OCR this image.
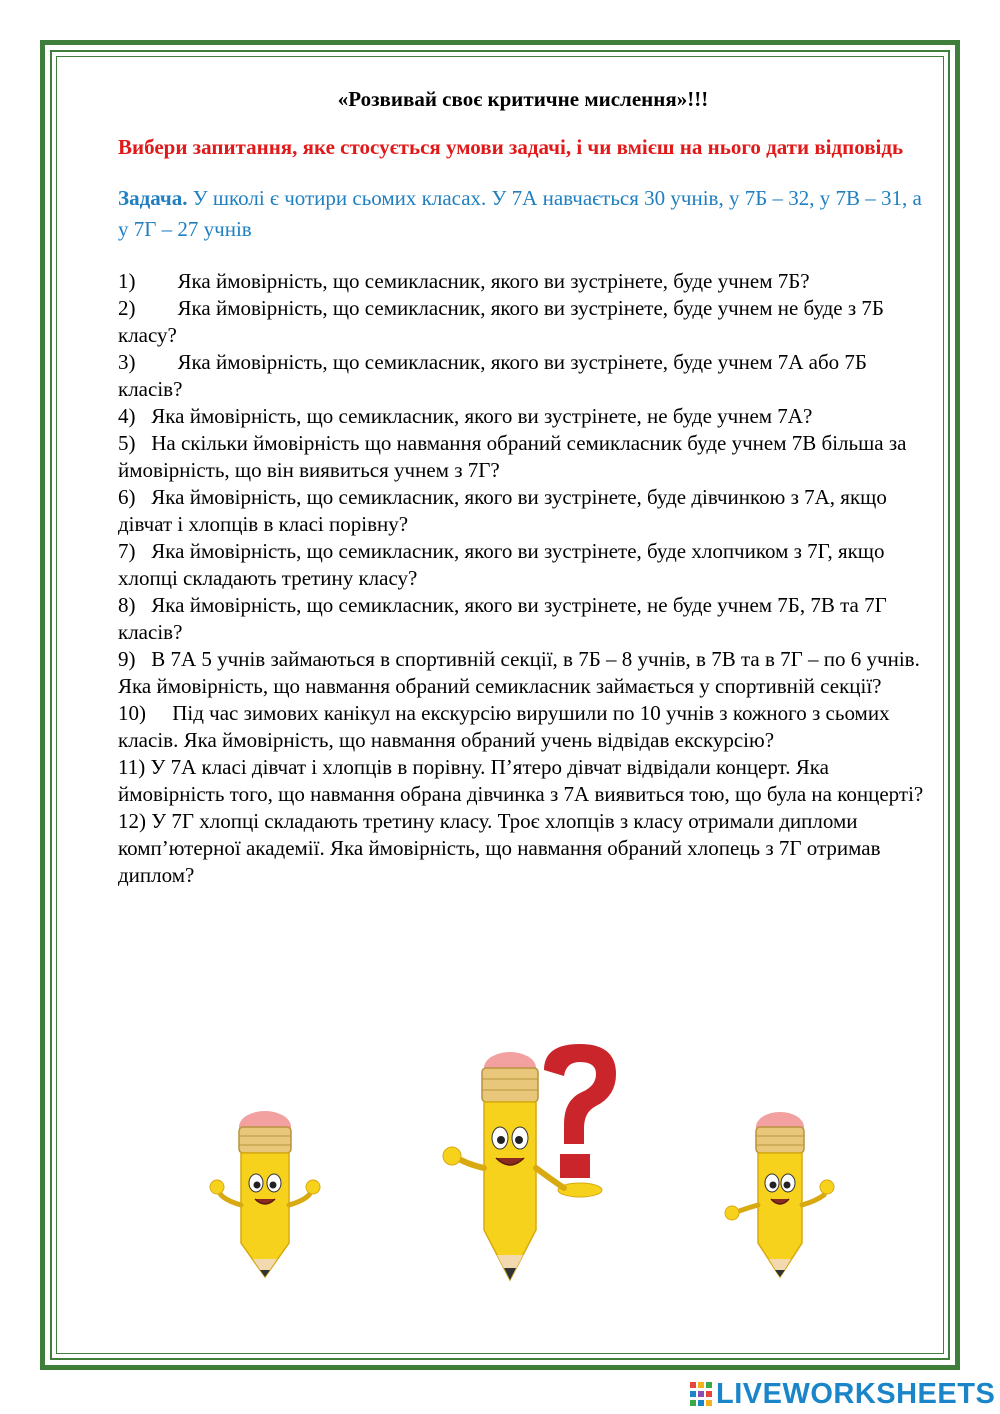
«Розвивай своє критичне мислення»!!!

Вибери запитання, яке стосується умови задачі, і чи вмієш на нього дати відповідь

Задача. У школі є чотири сьомих класах. У 7А навчається 30 учнів, у 7Б – 32, у 7В – 31, а у 7Г – 27 учнів

1)  Яка ймовірність, що семикласник, якого ви зустрінете, буде учнем 7Б?
2)  Яка ймовірність, що семикласник, якого ви зустрінете, буде учнем не буде з 7Б класу?
3)  Яка ймовірність, що семикласник, якого ви зустрінете, буде учнем 7А або 7Б класів?
4)  Яка ймовірність, що семикласник, якого ви зустрінете, не буде учнем 7А?
5)  На скільки ймовірність що навмання обраний семикласник буде учнем 7В більша за ймовірність, що він виявиться учнем з 7Г?
6)  Яка ймовірність, що семикласник, якого ви зустрінете, буде дівчинкою з 7А, якщо дівчат і хлопців в класі порівну?
7)  Яка ймовірність, що семикласник, якого ви зустрінете, буде хлопчиком з 7Г, якщо хлопці складають третину класу?
8)  Яка ймовірність, що семикласник, якого ви зустрінете, не буде учнем 7Б, 7В та 7Г класів?
9)  В 7А 5 учнів займаються в спортивній секції, в 7Б – 8 учнів, в 7В та в 7Г – по 6 учнів. Яка ймовірність, що навмання обраний семикласник займається у спортивній секції?
10)  Під час зимових канікул на екскурсію вирушили по 10 учнів з кожного з сьомих класів. Яка ймовірність, що навмання обраний учень відвідав екскурсію?
11) У 7А класі дівчат і хлопців в порівну. П’ятеро дівчат відвідали концерт. Яка ймовірність того, що навмання обрана дівчинка з 7А виявиться тою, що була на концерті?
12) У 7Г хлопці складають третину класу. Троє хлопців з класу отримали дипломи комп’ютерної академії. Яка ймовірність, що навмання обраний хлопець з 7Г отримав диплом?
LIVEWORKSHEETS
